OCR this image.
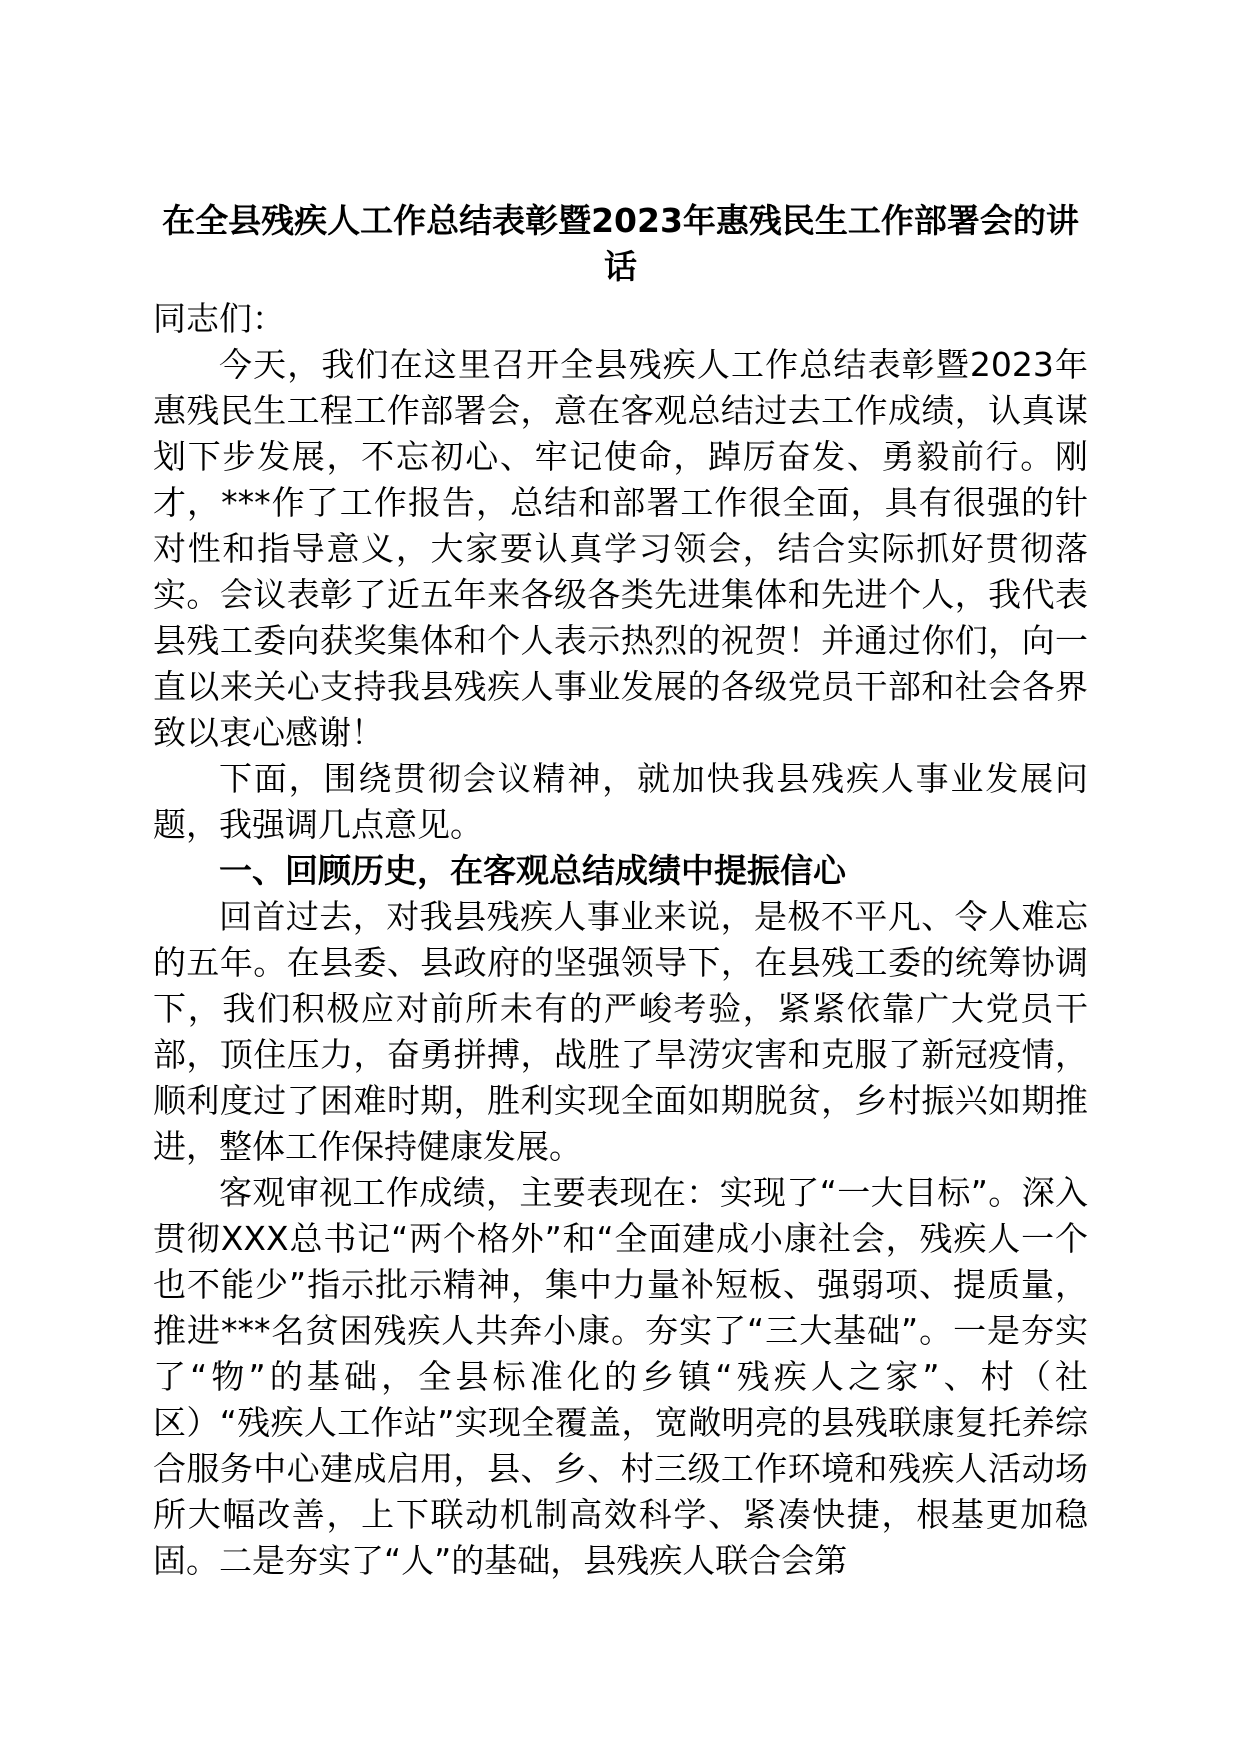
在全县残疾人工作总结表彰暨2023年惠残民生工作部署会的讲话

同志们：

今天，我们在这里召开全县残疾人工作总结表彰暨2023年惠残民生工程工作部署会，意在客观总结过去工作成绩，认真谋划下步发展，不忘初心、牢记使命，踔厉奋发、勇毅前行。刚才，***作了工作报告，总结和部署工作很全面，具有很强的针对性和指导意义，大家要认真学习领会，结合实际抓好贯彻落实。会议表彰了近五年来各级各类先进集体和先进个人，我代表县残工委向获奖集体和个人表示热烈的祝贺！并通过你们，向一直以来关心支持我县残疾人事业发展的各级党员干部和社会各界致以衷心感谢！

下面，围绕贯彻会议精神，就加快我县残疾人事业发展问题，我强调几点意见。

一、回顾历史，在客观总结成绩中提振信心

回首过去，对我县残疾人事业来说，是极不平凡、令人难忘的五年。在县委、县政府的坚强领导下，在县残工委的统筹协调下，我们积极应对前所未有的严峻考验，紧紧依靠广大党员干部，顶住压力，奋勇拼搏，战胜了旱涝灾害和克服了新冠疫情，顺利度过了困难时期，胜利实现全面如期脱贫，乡村振兴如期推进，整体工作保持健康发展。

客观审视工作成绩，主要表现在：实现了“一大目标”。深入贯彻XXX总书记“两个格外”和“全面建成小康社会，残疾人一个也不能少”指示批示精神，集中力量补短板、强弱项、提质量，推进***名贫困残疾人共奔小康。夯实了“三大基础”。一是夯实了“物”的基础，全县标准化的乡镇“残疾人之家”、村（社区）“残疾人工作站”实现全覆盖，宽敞明亮的县残联康复托养综合服务中心建成启用，县、乡、村三级工作环境和残疾人活动场所大幅改善，上下联动机制高效科学、紧凑快捷，根基更加稳固。二是夯实了“人”的基础，县残疾人联合会第
